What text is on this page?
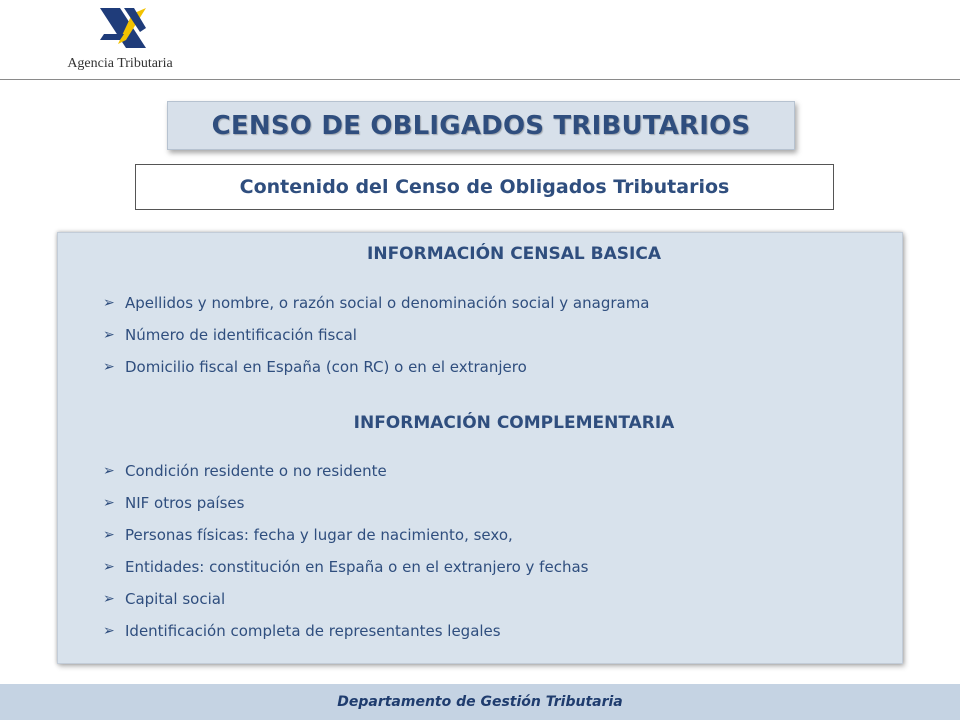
Agencia Tributaria
CENSO DE OBLIGADOS TRIBUTARIOS
Contenido del Censo de Obligados Tributarios
INFORMACIÓN CENSAL BASICA
➢ Apellidos y nombre, o razón social o denominación social y anagrama
➢ Número de identificación fiscal
➢ Domicilio fiscal en España (con RC) o en el extranjero
INFORMACIÓN COMPLEMENTARIA
➢ Condición residente o no residente
➢ NIF otros países
➢ Personas físicas: fecha y lugar de nacimiento, sexo,
➢ Entidades: constitución en España o en el extranjero y fechas
➢ Capital social
➢ Identificación completa de representantes legales
Departamento de Gestión Tributaria
